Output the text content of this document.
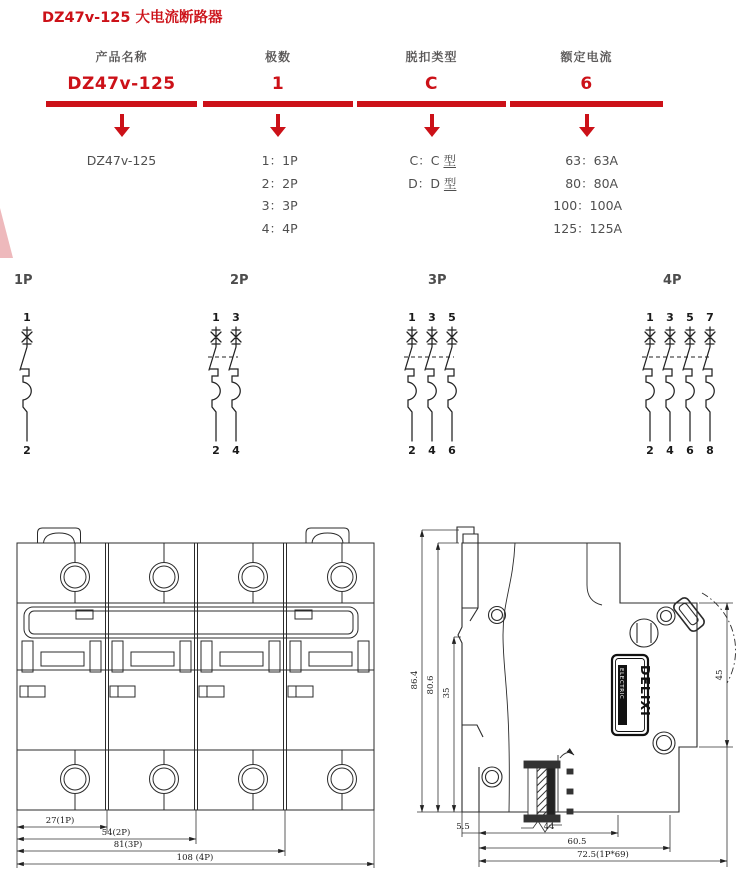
DZ47v-125 大电流断路器
产品名称
DZ47v-125
DZ47v-125
极数
1
1：1P
2：2P
3：3P
4：4P
脱扣类型
C
C：C 型
D：D 型
额定电流
6
63：63A
80：80A
100：100A
125：125A
1P	2P	3P	4P
1
2
1 3
2 4
1 3 5
2 4 6
1 3 5 7
2 4 6 8
27(1P)
54(2P)
81(3P)
108 (4P)
DELIXI
ELECTRIC
86.4 80.6 35
45
5.5	44
60.5
72.5(1P*69)
